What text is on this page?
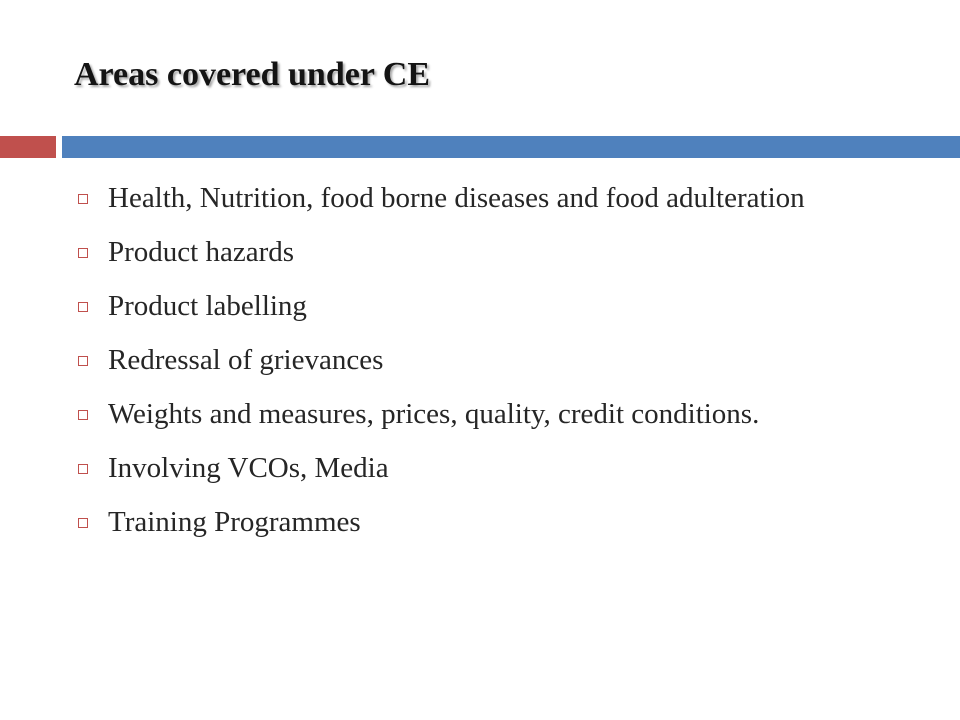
Areas covered under CE
Health, Nutrition, food borne diseases and food adulteration
Product hazards
Product labelling
Redressal of grievances
Weights and measures, prices, quality, credit conditions.
Involving VCOs, Media
Training Programmes
